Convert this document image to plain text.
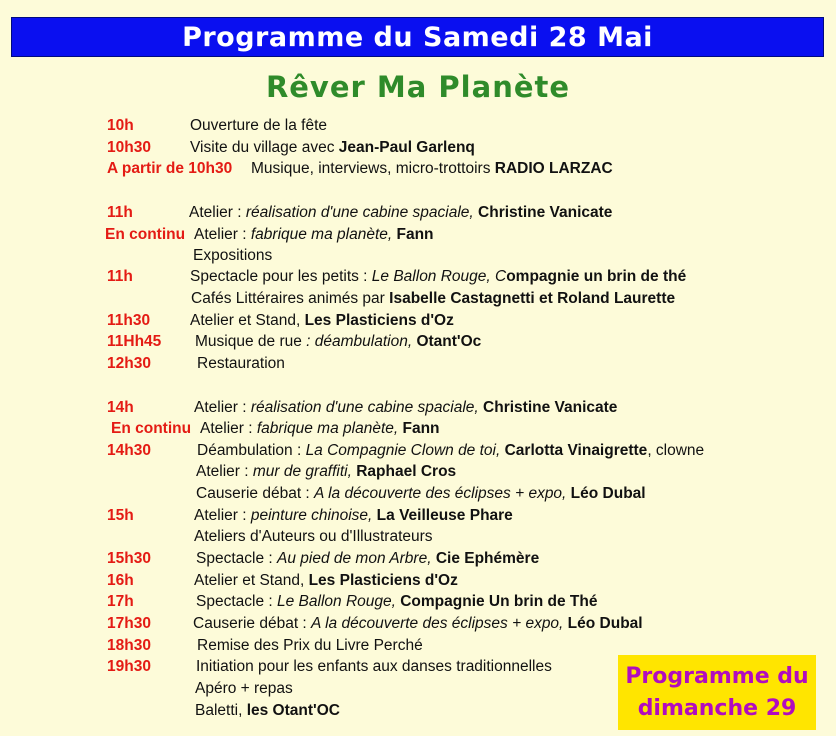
Programme du Samedi 28 Mai
Rêver Ma Planète
10h	Ouverture de la fête
10h30	Visite du village avec Jean-Paul Garlenq
A partir de 10h30 Musique, interviews, micro-trottoirs RADIO LARZAC
11h	Atelier : réalisation d'une cabine spaciale, Christine Vanicate
En continu Atelier : fabrique ma planète, Fann
Expositions
11h	Spectacle pour les petits : Le Ballon Rouge, Compagnie un brin de thé
Cafés Littéraires animés par Isabelle Castagnetti et Roland Laurette
11h30	Atelier et Stand, Les Plasticiens d'Oz
11Hh45 Musique de rue : déambulation, Otant'Oc
12h30	Restauration
14h	Atelier : réalisation d'une cabine spaciale, Christine Vanicate
En continu Atelier : fabrique ma planète, Fann
14h30	Déambulation : La Compagnie Clown de toi, Carlotta Vinaigrette, clowne
Atelier : mur de graffiti, Raphael Cros
Causerie débat : A la découverte des éclipses + expo, Léo Dubal
15h	Atelier : peinture chinoise, La Veilleuse Phare
Ateliers d'Auteurs ou d'Illustrateurs
15h30	Spectacle : Au pied de mon Arbre, Cie Ephémère
16h	Atelier et Stand, Les Plasticiens d'Oz
17h	Spectacle : Le Ballon Rouge, Compagnie Un brin de Thé
17h30	Causerie débat : A la découverte des éclipses + expo, Léo Dubal
18h30	Remise des Prix du Livre Perché
19h30	Initiation pour les enfants aux danses traditionnelles
Apéro + repas
Baletti, les Otant'OC
Programme du
dimanche 29
